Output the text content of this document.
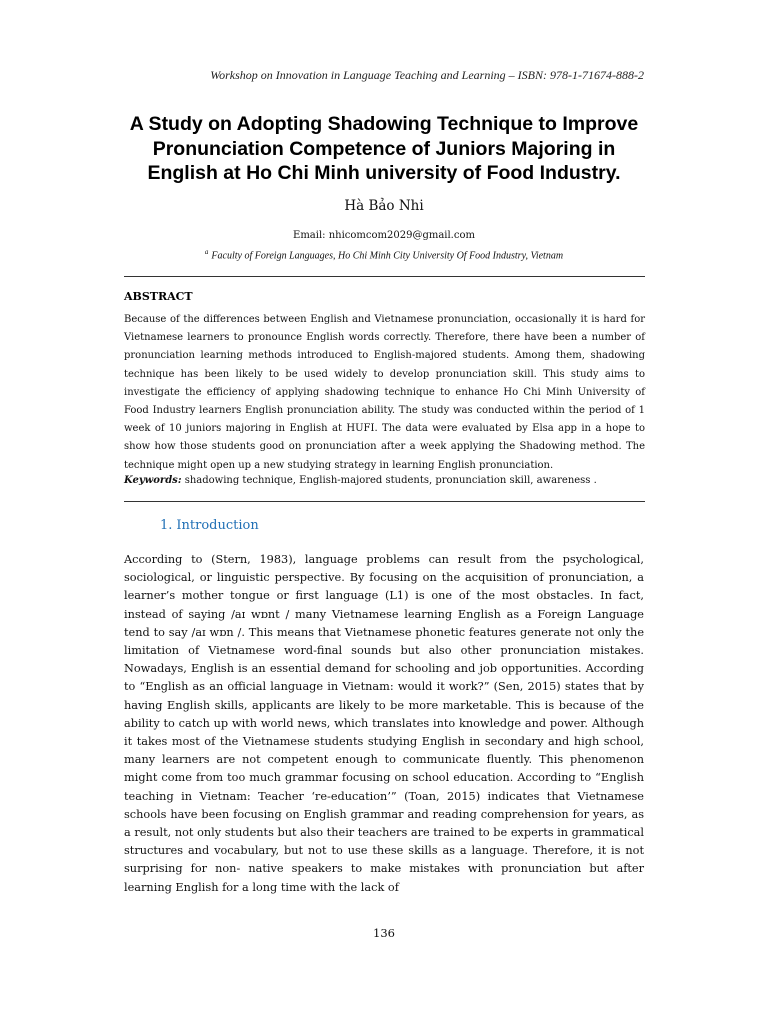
Workshop on Innovation in Language Teaching and Learning – ISBN: 978-1-71674-888-2
A Study on Adopting Shadowing Technique to Improve
Pronunciation Competence of Juniors Majoring in
English at Ho Chi Minh university of Food Industry.
Hà Bảo Nhi
Email: nhicomcom2029@gmail.com
$^a$ Faculty of Foreign Languages, Ho Chi Minh City University Of Food Industry, Vietnam
ABSTRACT

Because of the differences between English and Vietnamese pronunciation, occasionally it is hard for Vietnamese learners to pronounce English words correctly. Therefore, there have been a number of pronunciation learning methods introduced to English-majored students. Among them, shadowing technique has been likely to be used widely to develop pronunciation skill. This study aims to investigate the efficiency of applying shadowing technique to enhance Ho Chi Minh University of Food Industry learners English pronunciation ability. The study was conducted within the period of 1 week of 10 juniors majoring in English at HUFI. The data were evaluated by Elsa app in a hope to show how those students good on pronunciation after a week applying the Shadowing method. The technique might open up a new studying strategy in learning English pronunciation.

Keywords: shadowing technique, English-majored students, pronunciation skill, awareness .
1. Introduction

According to (Stern, 1983), language problems can result from the psychological, sociological, or linguistic perspective. By focusing on the acquisition of pronunciation, a learner’s mother tongue or first language (L1) is one of the most obstacles. In fact, instead of saying /aɪ wɒnt / many Vietnamese learning English as a Foreign Language tend to say /aɪ wɒn /. This means that Vietnamese phonetic features generate not only the limitation of Vietnamese word-final sounds but also other pronunciation mistakes. Nowadays, English is an essential demand for schooling and job opportunities. According to “English as an official language in Vietnam: would it work?” (Sen, 2015) states that by having English skills, applicants are likely to be more marketable. This is because of the ability to catch up with world news, which translates into knowledge and power. Although it takes most of the Vietnamese students studying English in secondary and high school, many learners are not competent enough to communicate fluently. This phenomenon might come from too much grammar focusing on school education. According to “English teaching in Vietnam: Teacher ‘re-education’” (Toan, 2015) indicates that Vietnamese schools have been focusing on English grammar and reading comprehension for years, as a result, not only students but also their teachers are trained to be experts in grammatical structures and vocabulary, but not to use these skills as a language. Therefore, it is not surprising for non- native speakers to make mistakes with pronunciation but after learning English for a long time with the lack of

136
